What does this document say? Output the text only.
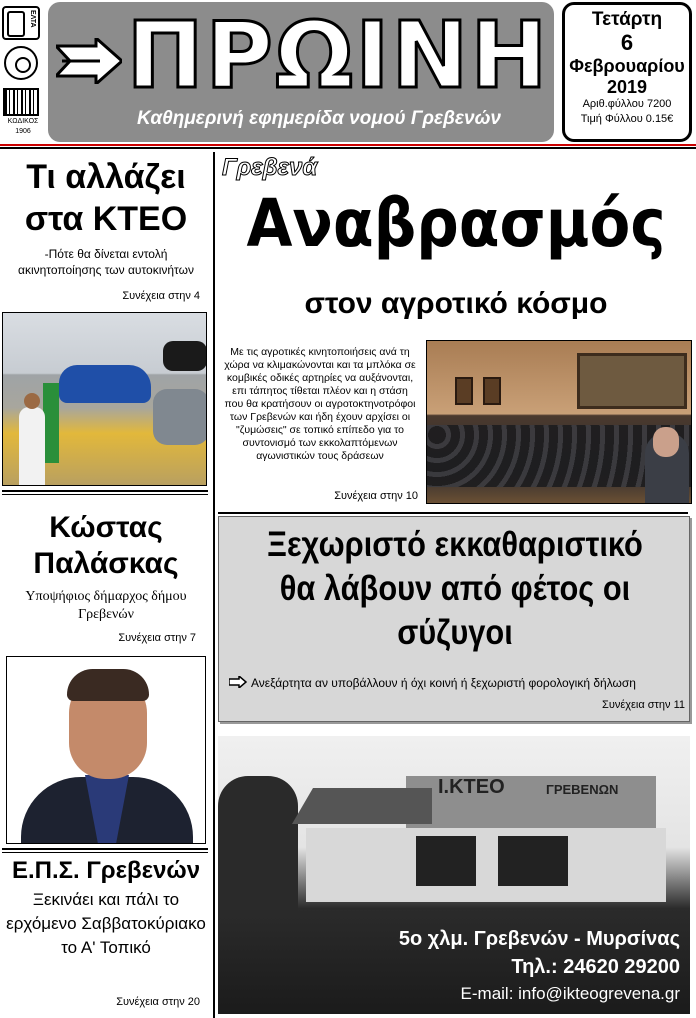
ΕΛΤΑ
ΚΩΔΙΚΟΣ
1906
ΠΡΩΙΝΗ
Καθημερινή εφημερίδα νομού Γρεβενών
Τετάρτη
6
Φεβρουαρίου
2019
Αριθ.φύλλου 7200
Τιμή Φύλλου 0.15€
Τι αλλάζει στα ΚΤΕΟ

-Πότε θα δίνεται εντολή ακινητοποίησης των αυτοκινήτων

Συνέχεια στην 4

Κώστας Παλάσκας

Υποψήφιος δήμαρχος δήμου Γρεβενών

Συνέχεια στην 7

Ε.Π.Σ. Γρεβενών

Ξεκινάει και πάλι το ερχόμενο Σαββατοκύριακο το Α' Τοπικό

Συνέχεια στην 20

Γρεβενά
Αναβρασμός
στον αγροτικό κόσμο

Με τις αγροτικές κινητοποιήσεις ανά τη χώρα να κλιμακώνονται και τα μπλόκα σε κομβικές οδικές αρτηρίες να αυξάνονται, επι τάπητος τίθεται πλέον και η στάση που θα κρατήσουν οι αγροτοκτηνοτρόφοι των Γρεβενών και ήδη έχουν αρχίσει οι "ζυμώσεις" σε τοπικό επίπεδο για το συντονισμό των εκκολαπτόμενων αγωνιστικών τους δράσεων

Συνέχεια στην 10

Ξεχωριστό εκκαθαριστικό θα λάβουν από φέτος οι σύζυγοι

Ανεξάρτητα αν υποβάλλουν ή όχι κοινή ή ξεχωριστή φορολογική δήλωση

Συνέχεια στην 11

Ι.ΚΤΕΟ	ΓΡΕΒΕΝΩΝ
5ο χλμ. Γρεβενών - Μυρσίνας
Τηλ.: 24620 29200
E-mail: info@ikteogrevena.gr
